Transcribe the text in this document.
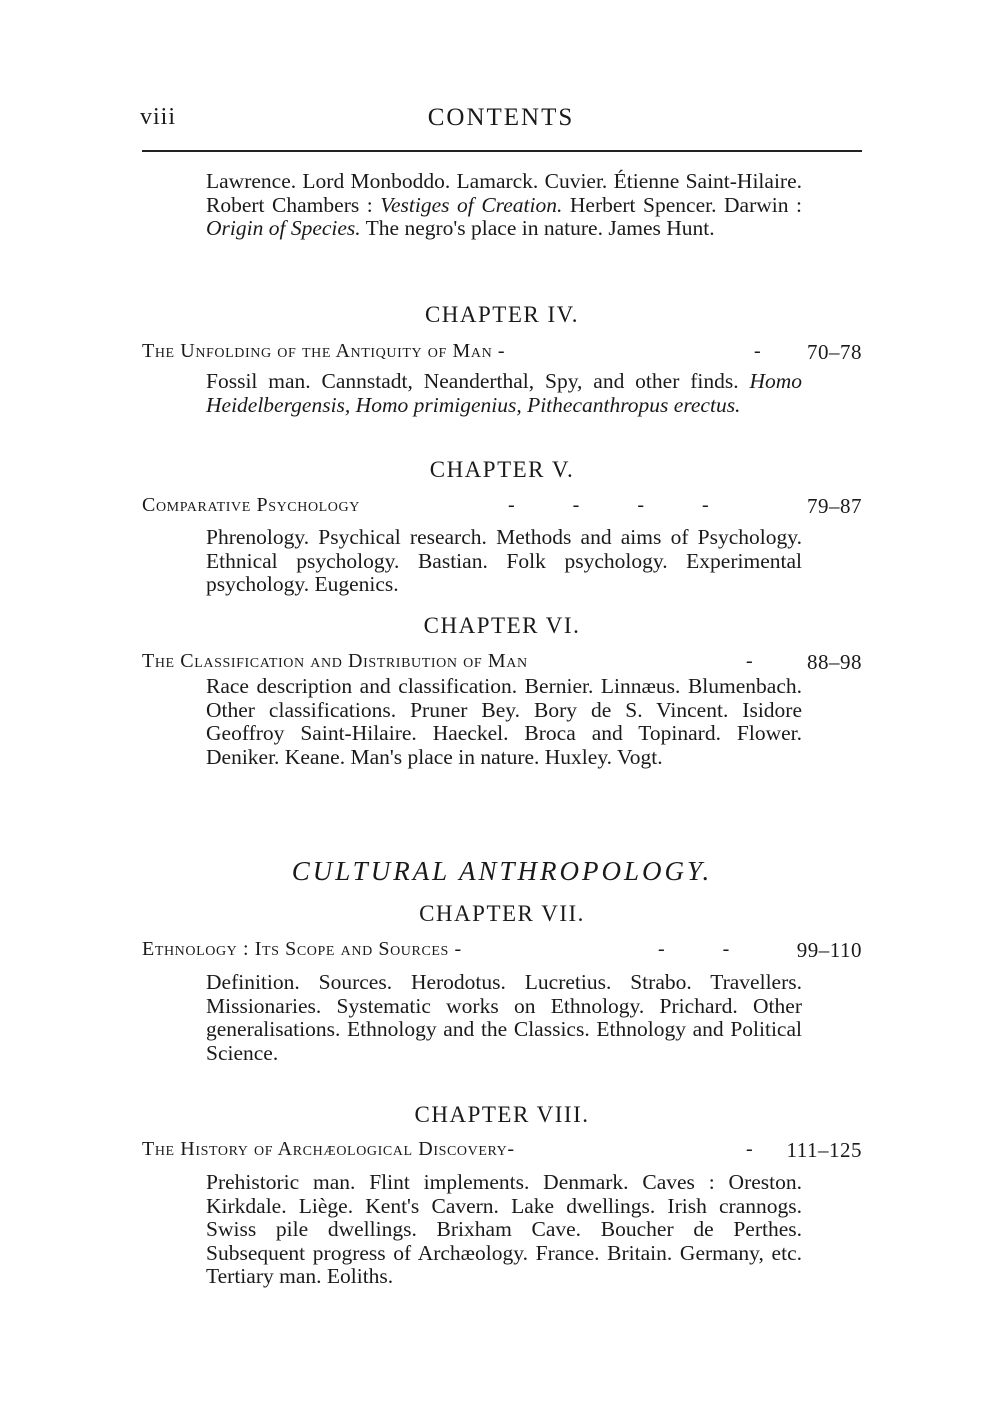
viii	CONTENTS
Lawrence. Lord Monboddo. Lamarck. Cuvier. Étienne Saint-Hilaire. Robert Chambers : Vestiges of Creation. Herbert Spencer. Darwin : Origin of Species. The negro's place in nature. James Hunt.
CHAPTER IV.
The Unfolding of the Antiquity of Man -	- 70–78
Fossil man. Cannstadt, Neanderthal, Spy, and other finds. Homo Heidelbergensis, Homo primigenius, Pithecanthropus erectus.
CHAPTER V.
Comparative Psychology	-        -        -        -	79–87
Phrenology. Psychical research. Methods and aims of Psychology. Ethnical psychology. Bastian. Folk psychology. Experimental psychology. Eugenics.
CHAPTER VI.
The Classification and Distribution of Man	- 88–98
Race description and classification. Bernier. Linnæus. Blumenbach. Other classifications. Pruner Bey. Bory de S. Vincent. Isidore Geoffroy Saint-Hilaire. Haeckel. Broca and Topinard. Flower. Deniker. Keane. Man's place in nature. Huxley. Vogt.
CULTURAL ANTHROPOLOGY.
CHAPTER VII.
Ethnology : Its Scope and Sources -	-        -	99–110
Definition. Sources. Herodotus. Lucretius. Strabo. Travellers. Missionaries. Systematic works on Ethnology. Prichard. Other generalisations. Ethnology and the Classics. Ethnology and Political Science.
CHAPTER VIII.
The History of Archæological Discovery-	- 111–125
Prehistoric man. Flint implements. Denmark. Caves : Oreston. Kirkdale. Liège. Kent's Cavern. Lake dwellings. Irish crannogs. Swiss pile dwellings. Brixham Cave. Boucher de Perthes. Subsequent progress of Archæology. France. Britain. Germany, etc. Tertiary man. Eoliths.
